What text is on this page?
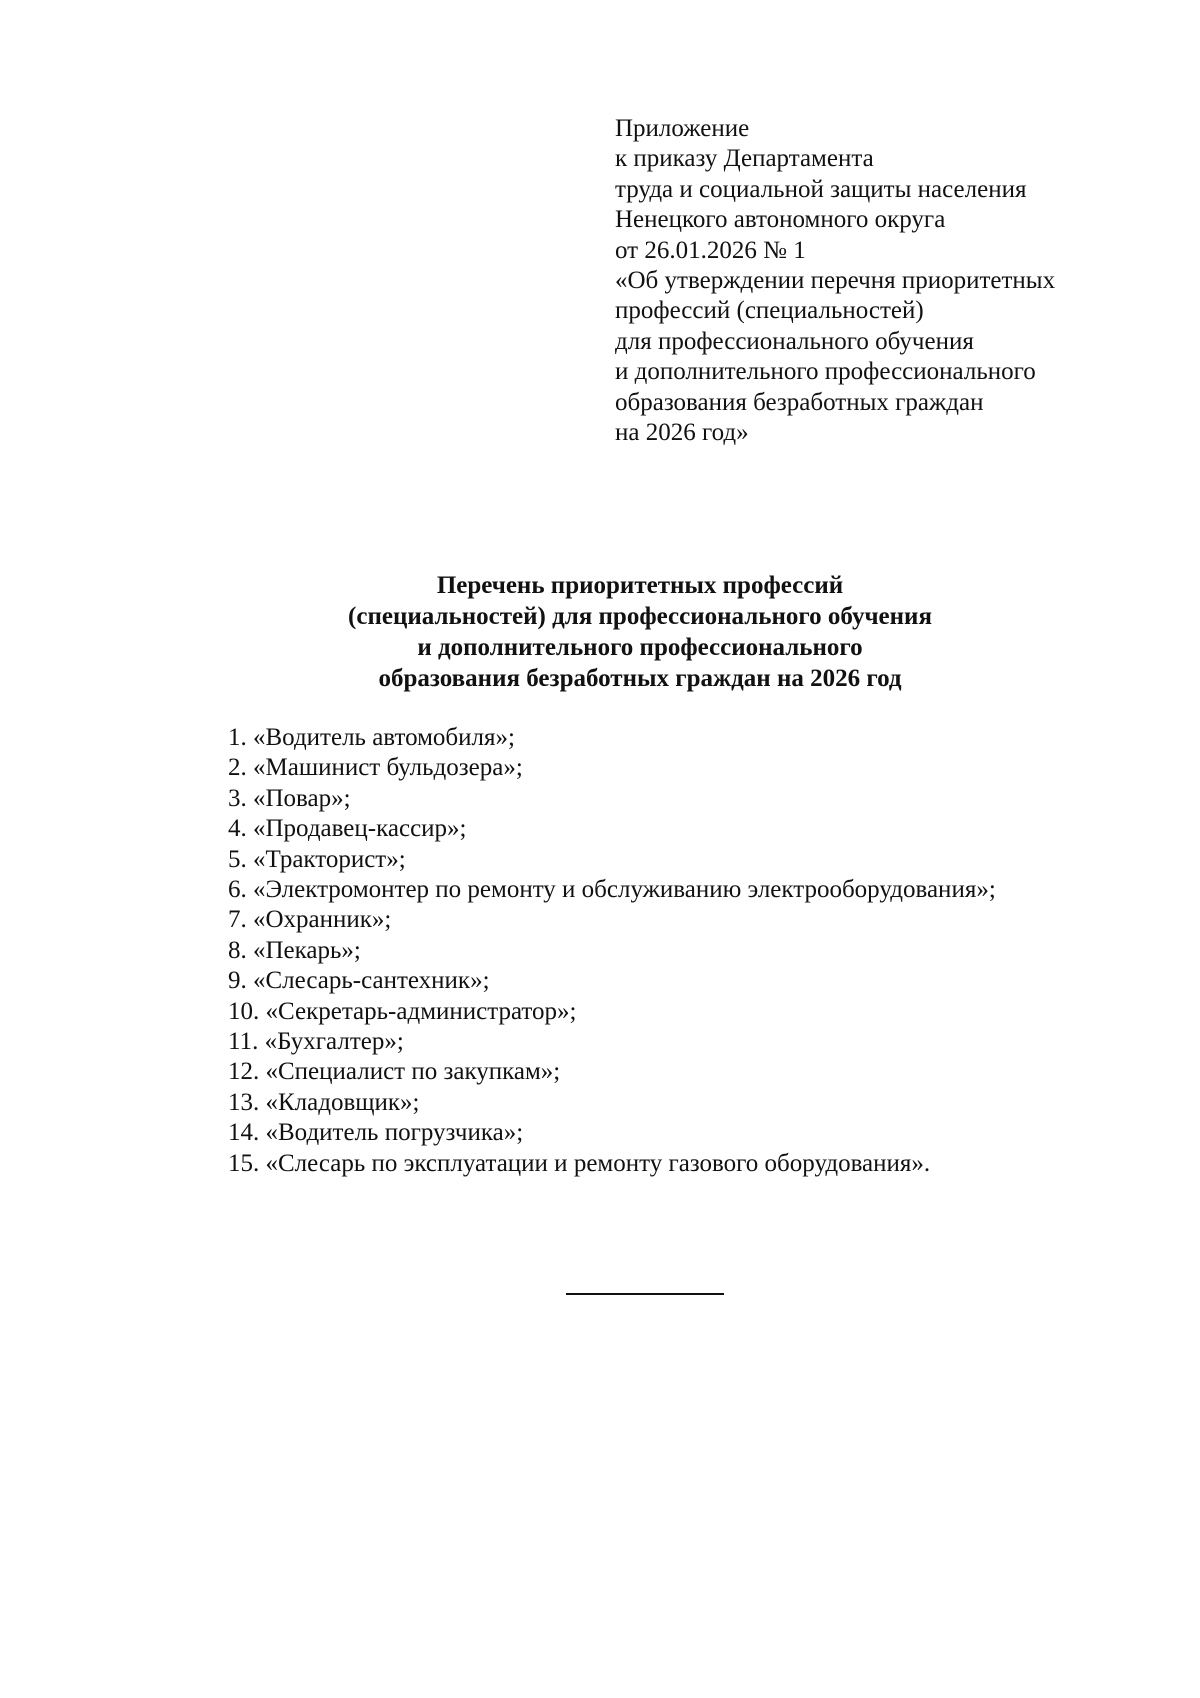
Приложение
к приказу Департамента
труда и социальной защиты населения
Ненецкого автономного округа
от 26.01.2026 № 1
«Об утверждении перечня приоритетных
профессий (специальностей)
для профессионального обучения
и дополнительного профессионального
образования безработных граждан
на 2026 год»
Перечень приоритетных профессий
(специальностей) для профессионального обучения
и дополнительного профессионального
образования безработных граждан на 2026 год
1. «Водитель автомобиля»;
2. «Машинист бульдозера»;
3. «Повар»;
4. «Продавец-кассир»;
5. «Тракторист»;
6. «Электромонтер по ремонту и обслуживанию электрооборудования»;
7. «Охранник»;
8. «Пекарь»;
9. «Слесарь-сантехник»;
10. «Секретарь-администратор»;
11. «Бухгалтер»;
12. «Специалист по закупкам»;
13. «Кладовщик»;
14. «Водитель погрузчика»;
15. «Слесарь по эксплуатации и ремонту газового оборудования».
